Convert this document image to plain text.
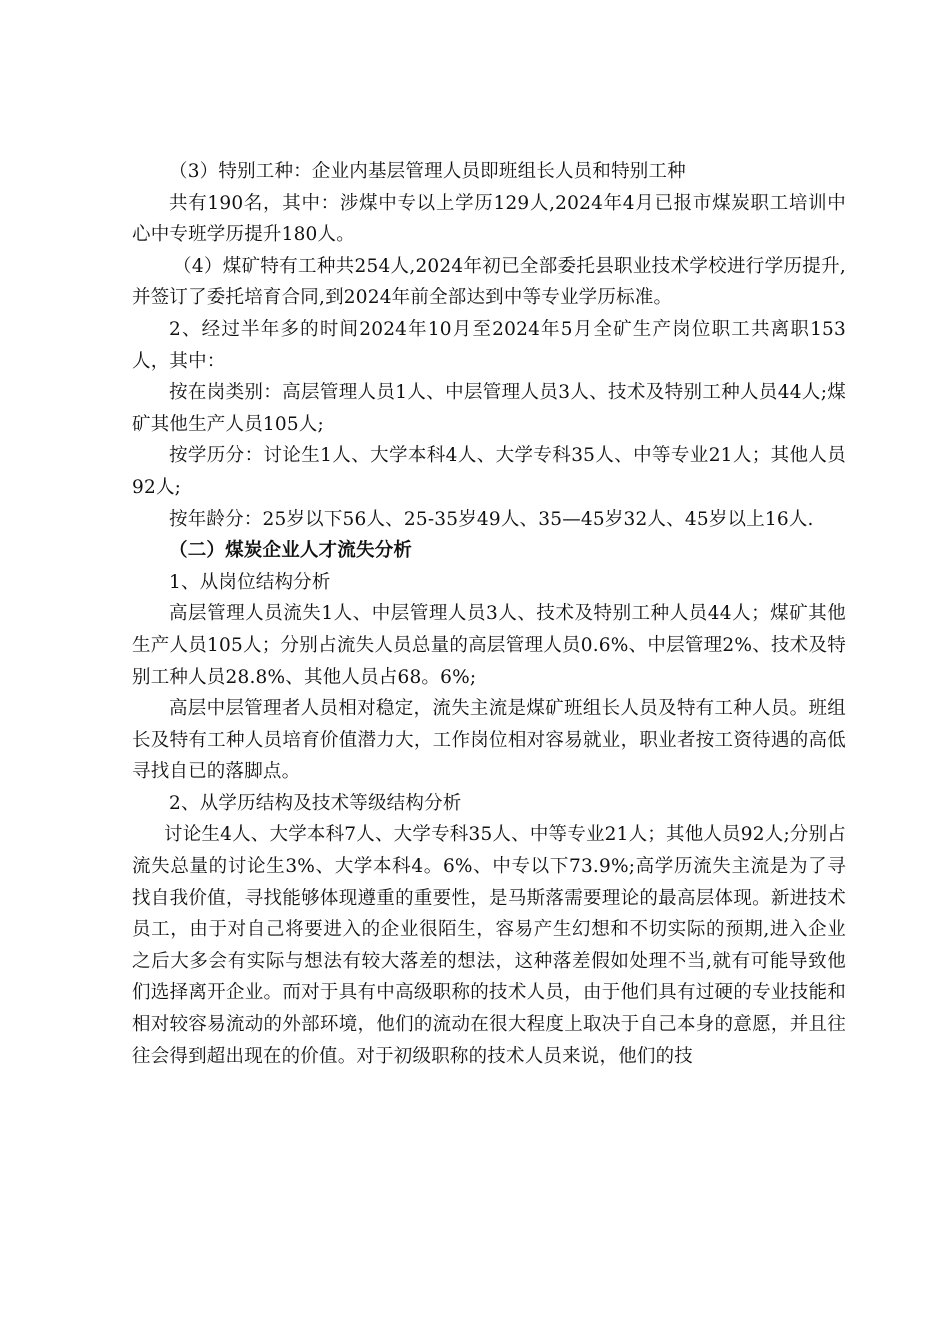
（3）特别工种：企业内基层管理人员即班组长人员和特别工种

共有190名，其中：涉煤中专以上学历129人,2024年4月已报市煤炭职工培训中心中专班学历提升180人。

（4）煤矿特有工种共254人,2024年初已全部委托县职业技术学校进行学历提升,并签订了委托培育合同,到2024年前全部达到中等专业学历标准。

2、经过半年多的时间2024年10月至2024年5月全矿生产岗位职工共离职153人，其中：

按在岗类别：高层管理人员1人、中层管理人员3人、技术及特别工种人员44人;煤矿其他生产人员105人;

按学历分：讨论生1人、大学本科4人、大学专科35人、中等专业21人；其他人员92人;

按年龄分：25岁以下56人、25-35岁49人、35—45岁32人、45岁以上16人.

（二）煤炭企业人才流失分析

1、从岗位结构分析

高层管理人员流失1人、中层管理人员3人、技术及特别工种人员44人；煤矿其他生产人员105人；分别占流失人员总量的高层管理人员0.6%、中层管理2%、技术及特别工种人员28.8%、其他人员占68。6%;

高层中层管理者人员相对稳定，流失主流是煤矿班组长人员及特有工种人员。班组长及特有工种人员培育价值潜力大，工作岗位相对容易就业，职业者按工资待遇的高低寻找自已的落脚点。

2、从学历结构及技术等级结构分析

讨论生4人、大学本科7人、大学专科35人、中等专业21人；其他人员92人;分别占流失总量的讨论生3%、大学本科4。6%、中专以下73.9%;高学历流失主流是为了寻找自我价值，寻找能够体现遵重的重要性，是马斯落需要理论的最高层体现。新进技术员工，由于对自己将要进入的企业很陌生，容易产生幻想和不切实际的预期,进入企业之后大多会有实际与想法有较大落差的想法，这种落差假如处理不当,就有可能导致他们选择离开企业。而对于具有中高级职称的技术人员，由于他们具有过硬的专业技能和相对较容易流动的外部环境，他们的流动在很大程度上取决于自己本身的意愿，并且往往会得到超出现在的价值。对于初级职称的技术人员来说，他们的技
